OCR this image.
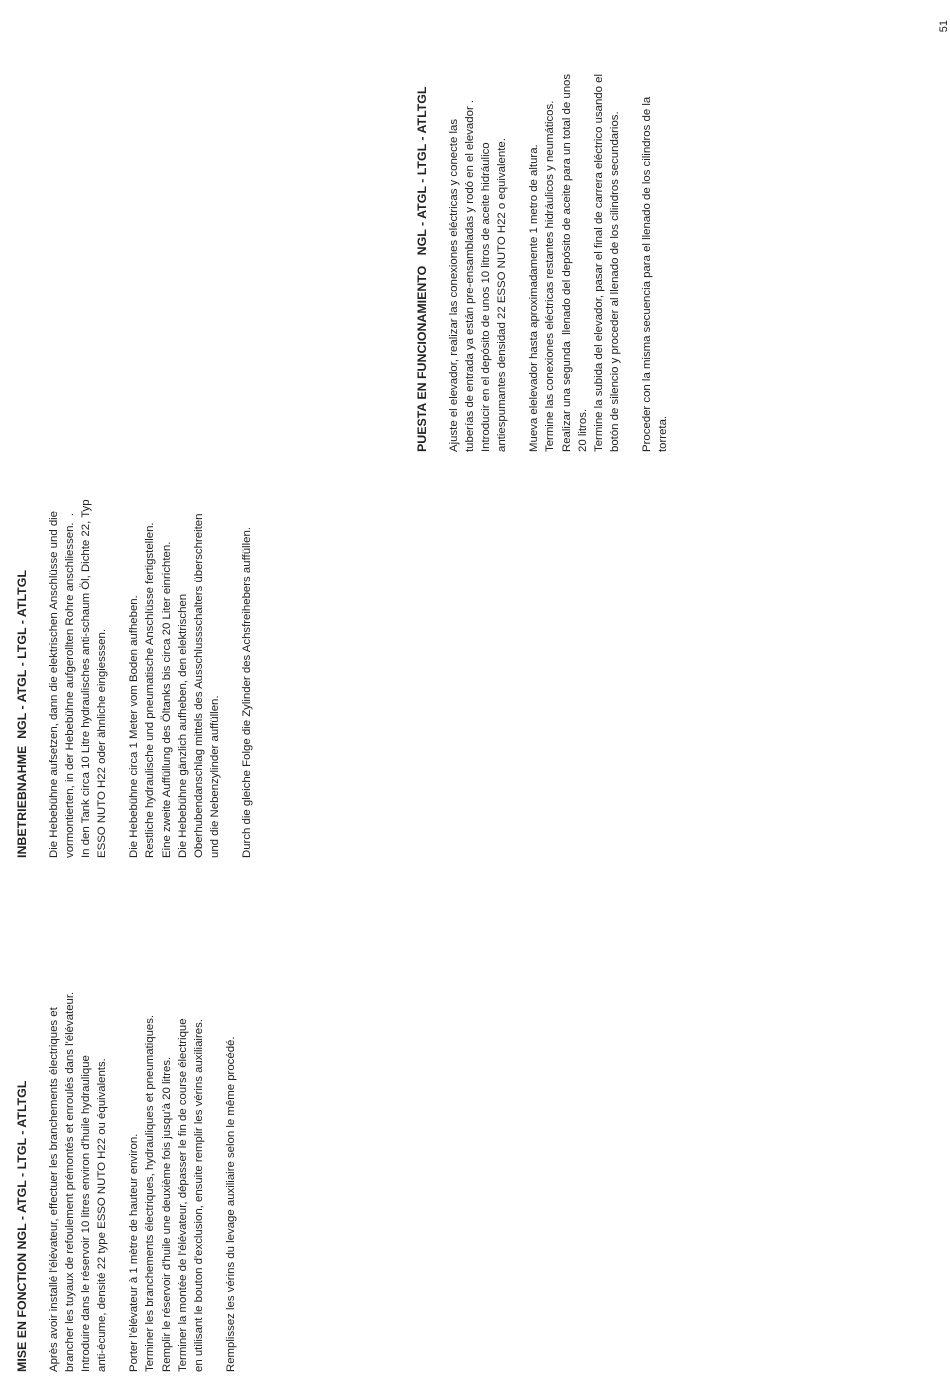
51
MISE EN FONCTION NGL - ATGL - LTGL - ATLTGL Après avoir installé l'élévateur, effectuer les branchements électriques et
brancher les tuyaux de refoulement prémontés et enroulés dans l'élévateur.
Introduire dans le réservoir 10 litres environ d'huile hydraulique
anti-écume, densité 22 type ESSO NUTO H22 ou équivalents.

Porter l'élévateur à 1 mètre de hauteur environ.
Terminer les branchements électriques, hydrauliques et pneumatiques.
Remplir le réservoir d'huile une deuxième fois jusqu'à 20 litres.
Terminer la montée de l'élévateur, dépasser le fin de course électrique
en utilisant le bouton d'exclusion, ensuite remplir les vérins auxiliaires. Remplissez les vérins du levage auxiliaire selon le même procédé.

INBETRIEBNAHME  NGL - ATGL - LTGL - ATLTGL Die Hebebühne aufsetzen, dann die elektrischen Anschlüsse und die
vormontierten, in der Hebebühne aufgerollten Rohre anschliessen.  .
In den Tank circa 10 Litre hydraulisches anti-schaum Öl, Dichte 22, Typ
ESSO NUTO H22 oder ähnliche eingiesssen.

Die Hebebühne circa 1 Meter vom Boden aufheben.
Restliche hydraulische und pneumatische Anschlüsse fertigstellen.
Eine zweite Auffüllung des Öltanks bis circa 20 Liter einrichten.
Die Hebebühne gänzlich aufheben, den elektrischen
Oberhubendanschlag mittels des Ausschlussschalters überschreiten
und die Nebenzylinder auffüllen. Durch die gleiche Folge die Zylinder des Achsfreihebers auffüllen.

PUESTA EN FUNCIONAMIENTO   NGL - ATGL - LTGL - ATLTGL Ajuste el elevador, realizar las conexiones eléctricas y conecte las
tuberías de entrada ya están pre-ensambladas y rodó en el elevador .
Introducir en el depósito de unos 10 litros de aceite hidráulico
antiespumantes densidad 22 ESSO NUTO H22 o equivalente.

Mueva elelevador hasta aproximadamente 1 metro de altura.
Termine las conexiones eléctricas restantes hidráulicos y neumáticos.
Realizar una segunda  llenado del depósito de aceite para un total de unos
20 litros.
Termine la subida del elevador, pasar el final de carrera eléctrico usando el
botón de silencio y proceder al llenado de los cilindros secundarios.

Proceder con la misma secuencia para el llenado de los cilindros de la
torreta.
